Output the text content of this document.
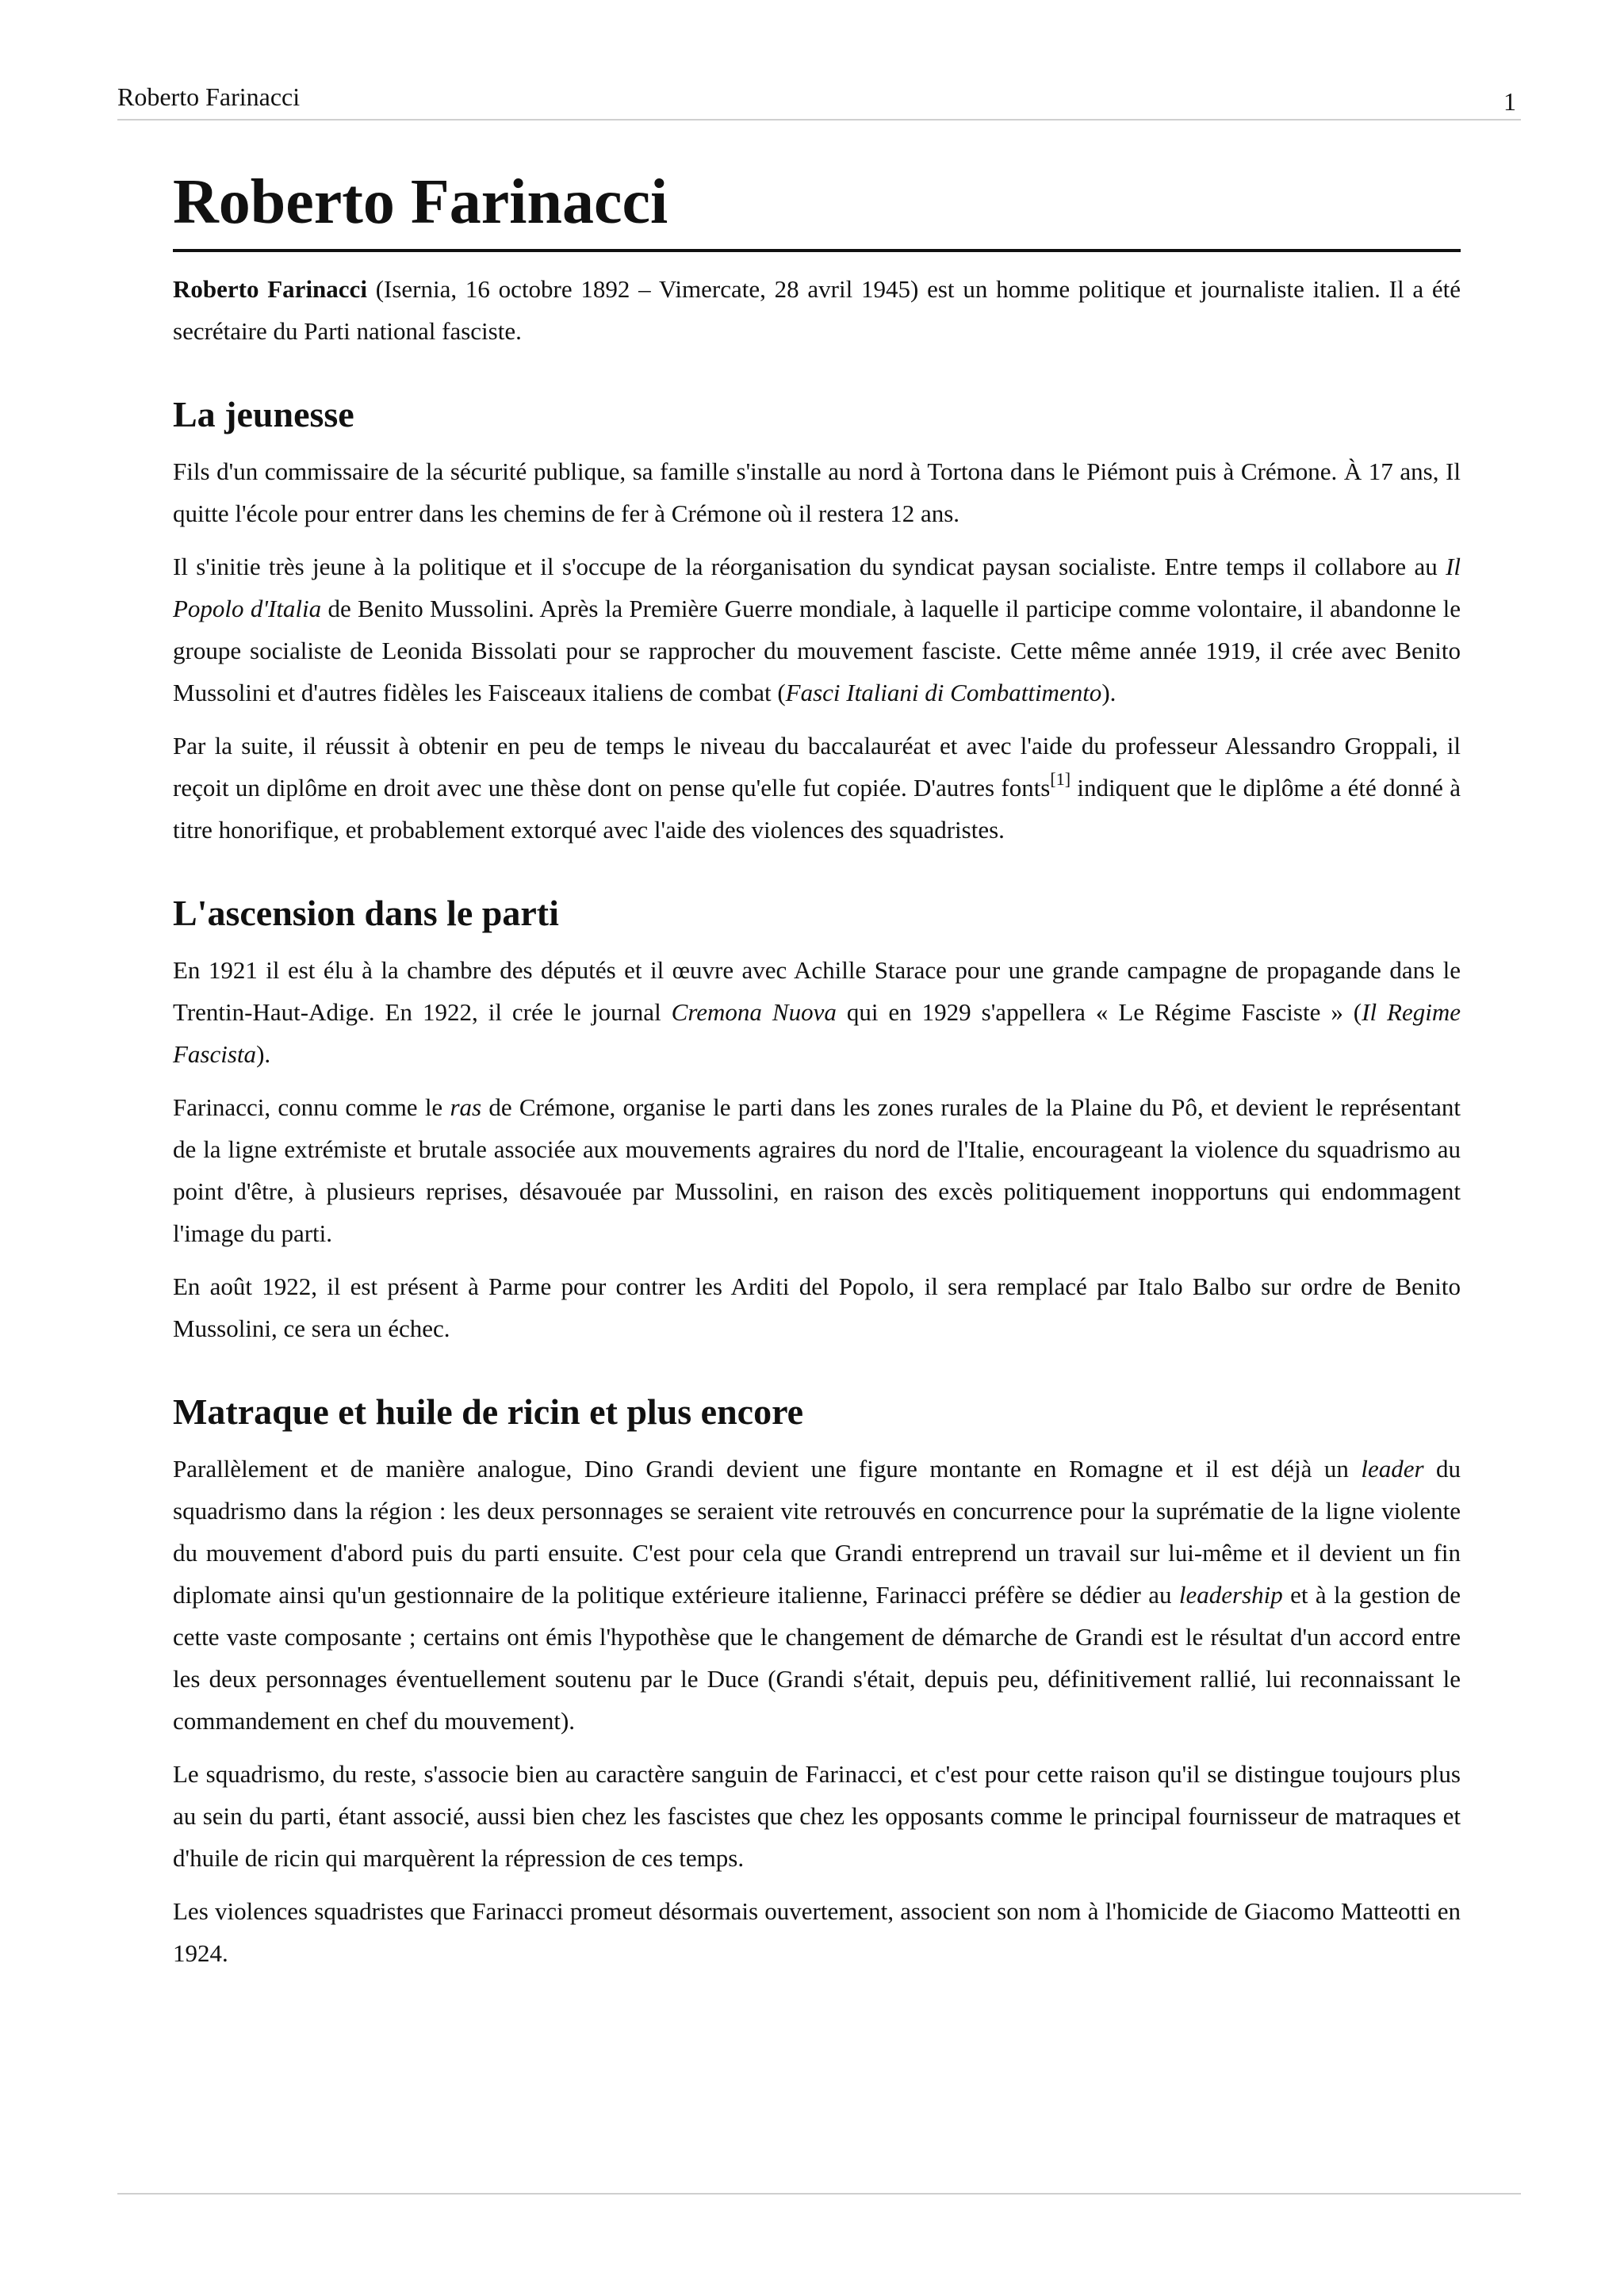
Roberto Farinacci	1
Roberto Farinacci

Roberto Farinacci (Isernia, 16 octobre 1892 – Vimercate, 28 avril 1945) est un homme politique et journaliste italien. Il a été secrétaire du Parti national fasciste.

La jeunesse

Fils d'un commissaire de la sécurité publique, sa famille s'installe au nord à Tortona dans le Piémont puis à Crémone. À 17 ans, Il quitte l'école pour entrer dans les chemins de fer à Crémone où il restera 12 ans.

Il s'initie très jeune à la politique et il s'occupe de la réorganisation du syndicat paysan socialiste. Entre temps il collabore au Il Popolo d'Italia de Benito Mussolini. Après la Première Guerre mondiale, à laquelle il participe comme volontaire, il abandonne le groupe socialiste de Leonida Bissolati pour se rapprocher du mouvement fasciste. Cette même année 1919, il crée avec Benito Mussolini et d'autres fidèles les Faisceaux italiens de combat (Fasci Italiani di Combattimento).

Par la suite, il réussit à obtenir en peu de temps le niveau du baccalauréat et avec l'aide du professeur Alessandro Groppali, il reçoit un diplôme en droit avec une thèse dont on pense qu'elle fut copiée. D'autres fonts[1] indiquent que le diplôme a été donné à titre honorifique, et probablement extorqué avec l'aide des violences des squadristes.

L'ascension dans le parti

En 1921 il est élu à la chambre des députés et il œuvre avec Achille Starace pour une grande campagne de propagande dans le Trentin-Haut-Adige. En 1922, il crée le journal Cremona Nuova qui en 1929 s'appellera « Le Régime Fasciste » (Il Regime Fascista).

Farinacci, connu comme le ras de Crémone, organise le parti dans les zones rurales de la Plaine du Pô, et devient le représentant de la ligne extrémiste et brutale associée aux mouvements agraires du nord de l'Italie, encourageant la violence du squadrismo au point d'être, à plusieurs reprises, désavouée par Mussolini, en raison des excès politiquement inopportuns qui endommagent l'image du parti.

En août 1922, il est présent à Parme pour contrer les Arditi del Popolo, il sera remplacé par Italo Balbo sur ordre de Benito Mussolini, ce sera un échec.

Matraque et huile de ricin et plus encore

Parallèlement et de manière analogue, Dino Grandi devient une figure montante en Romagne et il est déjà un leader du squadrismo dans la région : les deux personnages se seraient vite retrouvés en concurrence pour la suprématie de la ligne violente du mouvement d'abord puis du parti ensuite. C'est pour cela que Grandi entreprend un travail sur lui-même et il devient un fin diplomate ainsi qu'un gestionnaire de la politique extérieure italienne, Farinacci préfère se dédier au leadership et à la gestion de cette vaste composante ; certains ont émis l'hypothèse que le changement de démarche de Grandi est le résultat d'un accord entre les deux personnages éventuellement soutenu par le Duce (Grandi s'était, depuis peu, définitivement rallié, lui reconnaissant le commandement en chef du mouvement).

Le squadrismo, du reste, s'associe bien au caractère sanguin de Farinacci, et c'est pour cette raison qu'il se distingue toujours plus au sein du parti, étant associé, aussi bien chez les fascistes que chez les opposants comme le principal fournisseur de matraques et d'huile de ricin qui marquèrent la répression de ces temps.

Les violences squadristes que Farinacci promeut désormais ouvertement, associent son nom à l'homicide de Giacomo Matteotti en 1924.
